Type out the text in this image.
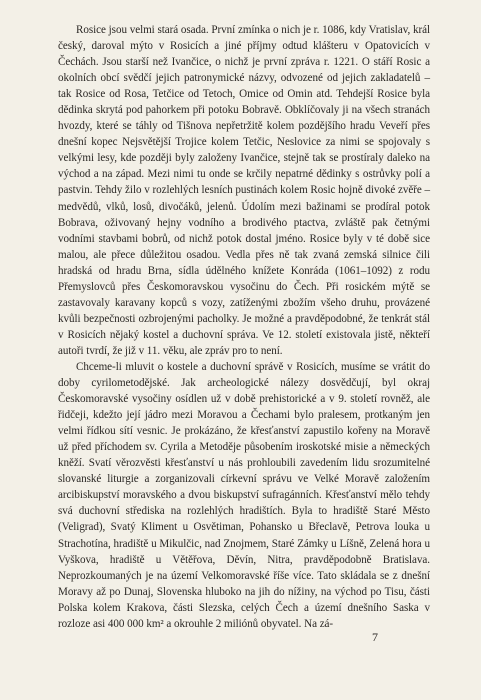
Rosice jsou velmi stará osada. První zmínka o nich je r. 1086, kdy Vratislav, král český, daroval mýto v Rosicích a jiné příjmy odtud klášteru v Opatovicích v Čechách. Jsou starší než Ivančice, o nichž je první zpráva r. 1221. O stáří Rosic a okolních obcí svědčí jejich patronymické názvy, odvozené od jejich zakladatelů – tak Rosice od Rosa, Tetčice od Tetoch, Omice od Omin atd. Tehdejší Rosice byla dědinka skrytá pod pahorkem při potoku Bobravě. Obklíčovaly ji na všech stranách hvozdy, které se táhly od Tišnova nepřetržitě kolem pozdějšího hradu Veveří přes dnešní kopec Nejsvětější Trojice kolem Tetčic, Neslovice za nimi se spojovaly s velkými lesy, kde později byly založeny Ivančice, stejně tak se prostíraly daleko na východ a na západ. Mezi nimi tu onde se krčily nepatrné dědinky s ostrůvky polí a pastvin. Tehdy žilo v rozlehlých lesních pustinách kolem Rosic hojně divoké zvěře – medvědů, vlků, losů, divočáků, jelenů. Údolím mezi bažinami se prodíral potok Bobrava, oživovaný hejny vodního a brodivého ptactva, zvláště pak četnými vodními stavbami bobrů, od nichž potok dostal jméno. Rosice byly v té době sice malou, ale přece důležitou osadou. Vedla přes ně tak zvaná zemská silnice čili hradská od hradu Brna, sídla údělného knížete Konráda (1061–1092) z rodu Přemyslovců přes Českomoravskou vysočinu do Čech. Při rosickém mýtě se zastavovaly karavany kopců s vozy, zatíženými zbožím všeho druhu, provázené kvůli bezpečnosti ozbrojenými pacholky. Je možné a pravděpodobné, že tenkrát stál v Rosicích nějaký kostel a duchovní správa. Ve 12. století existovala jistě, někteří autoři tvrdí, že již v 11. věku, ale zpráv pro to není.

Chceme-li mluvit o kostele a duchovní správě v Rosicích, musíme se vrátit do doby cyrilometodějské. Jak archeologické nálezy dosvědčují, byl okraj Českomoravské vysočiny osídlen už v době prehistorické a v 9. století rovněž, ale řidčeji, kdežto její jádro mezi Moravou a Čechami bylo pralesem, protkaným jen velmi řídkou sítí vesnic. Je prokázáno, že křesťanství zapustilo kořeny na Moravě už před příchodem sv. Cyrila a Metoděje působením iroskotské misie a německých kněží. Svatí věrozvěsti křesťanství u nás prohloubili zavedením lidu srozumitelné slovanské liturgie a zorganizovali církevní správu ve Velké Moravě založením arcibiskupství moravského a dvou biskupství sufragánních. Křesťanství mělo tehdy svá duchovní střediska na rozlehlých hradištích. Byla to hradiště Staré Město (Veligrad), Svatý Kliment u Osvětiman, Pohansko u Břeclavě, Petrova louka u Strachotína, hradiště u Mikulčic, nad Znojmem, Staré Zámky u Líšně, Zelená hora u Vyškova, hradiště u Větěřova, Děvín, Nitra, pravděpodobně Bratislava. Neprozkoumaných je na území Velkomoravské říše více. Tato skládala se z dnešní Moravy až po Dunaj, Slovenska hluboko na jih do nížiny, na východ po Tisu, části Polska kolem Krakova, části Slezska, celých Čech a území dnešního Saska v rozloze asi 400 000 km² a okrouhle 2 miliónů obyvatel. Na zá-

7
